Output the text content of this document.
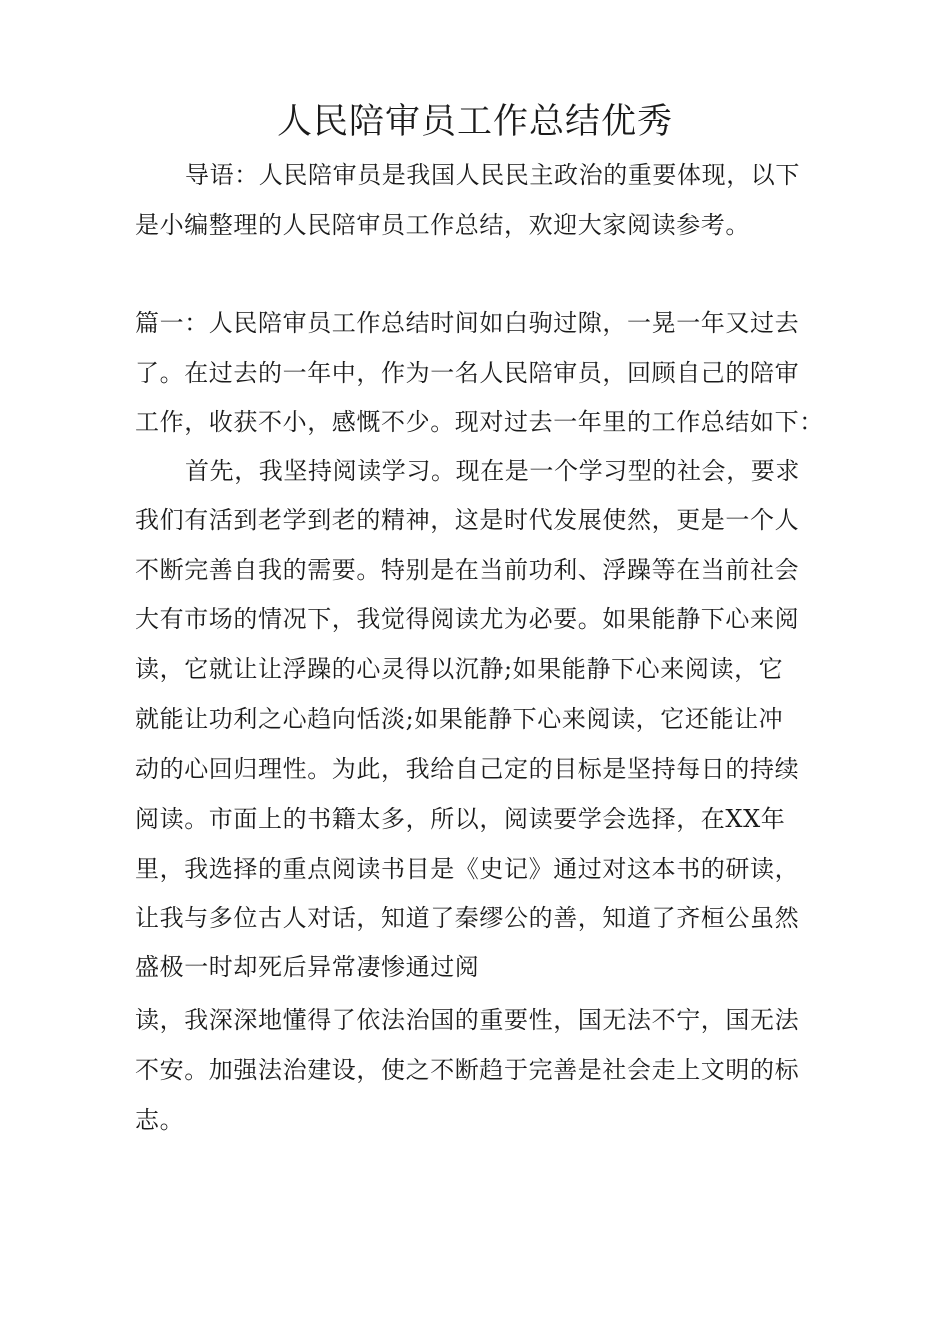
人民陪审员工作总结优秀
导语：人民陪审员是我国人民民主政治的重要体现，以下
是小编整理的人民陪审员工作总结，欢迎大家阅读参考。
篇一：人民陪审员工作总结时间如白驹过隙，一晃一年又过去
了。在过去的一年中，作为一名人民陪审员，回顾自己的陪审
工作，收获不小，感慨不少。现对过去一年里的工作总结如下：
首先，我坚持阅读学习。现在是一个学习型的社会，要求
我们有活到老学到老的精神，这是时代发展使然，更是一个人
不断完善自我的需要。特别是在当前功利、浮躁等在当前社会
大有市场的情况下，我觉得阅读尤为必要。如果能静下心来阅
读，它就让让浮躁的心灵得以沉静;如果能静下心来阅读，它
就能让功利之心趋向恬淡;如果能静下心来阅读，它还能让冲
动的心回归理性。为此，我给自己定的目标是坚持每日的持续
阅读。市面上的书籍太多，所以，阅读要学会选择，在XX年
里，我选择的重点阅读书目是《史记》通过对这本书的研读，
让我与多位古人对话，知道了秦缪公的善，知道了齐桓公虽然
盛极一时却死后异常凄惨通过阅
读，我深深地懂得了依法治国的重要性，国无法不宁，国无法
不安。加强法治建设，使之不断趋于完善是社会走上文明的标
志。
